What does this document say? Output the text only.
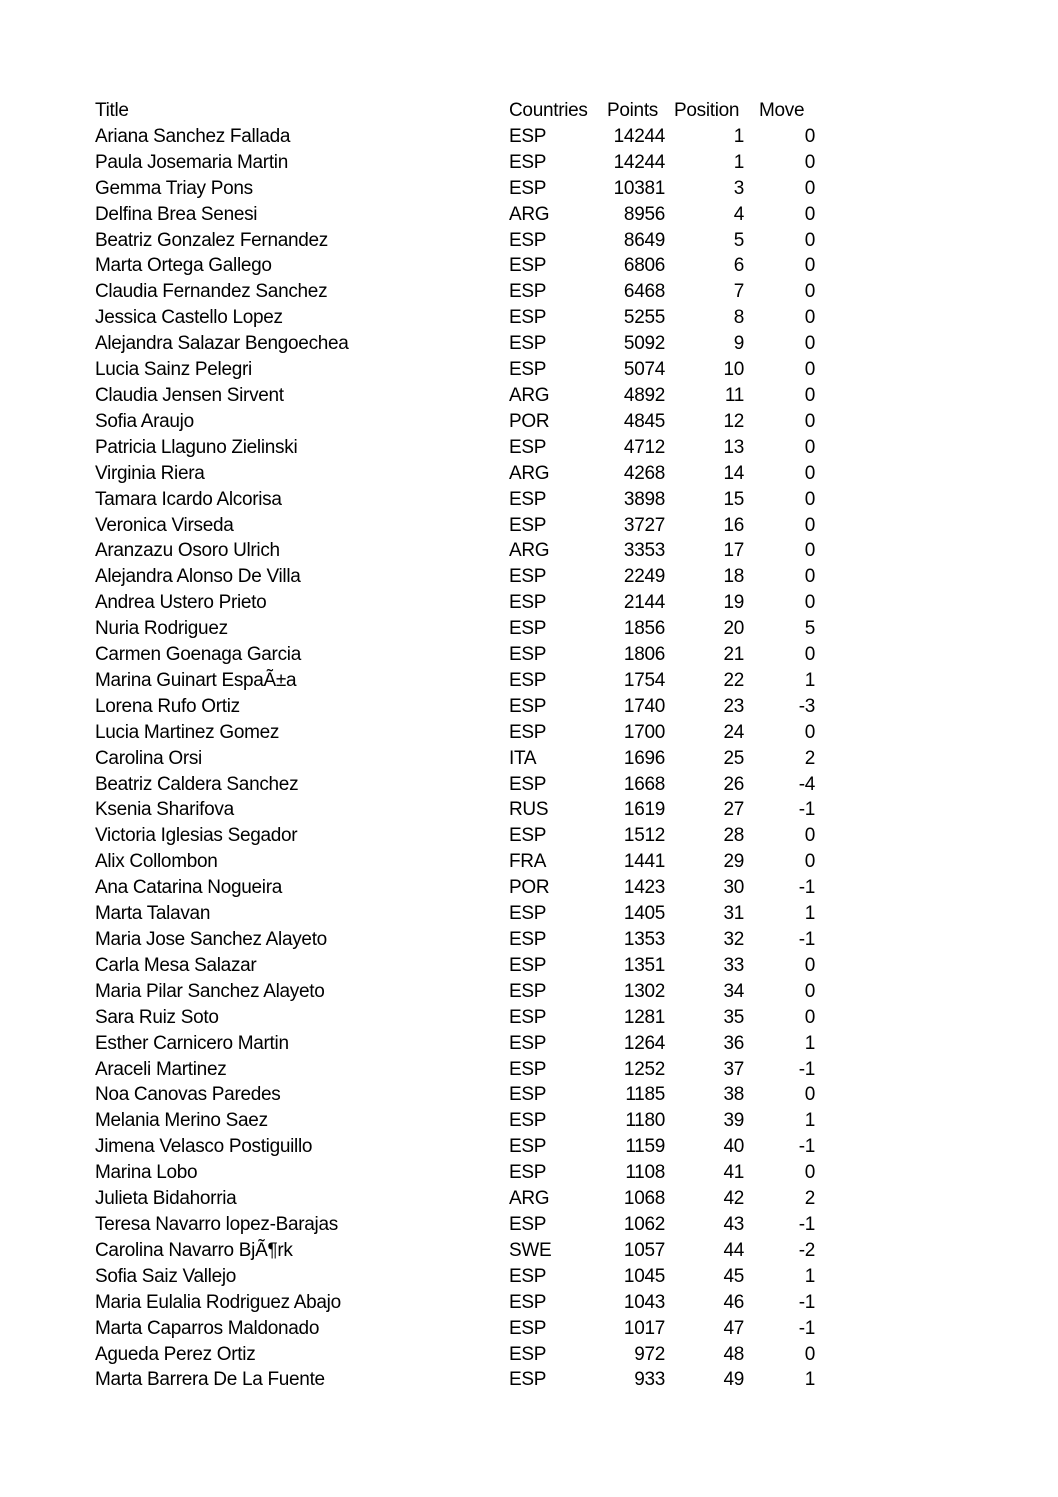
Title	Countries	Points	Position	Move
Ariana Sanchez Fallada	ESP	14244	1	0
Paula Josemaria Martin	ESP	14244	1	0
Gemma Triay Pons	ESP	10381	3	0
Delfina Brea Senesi	ARG	8956	4	0
Beatriz Gonzalez Fernandez	ESP	8649	5	0
Marta Ortega Gallego	ESP	6806	6	0
Claudia Fernandez Sanchez	ESP	6468	7	0
Jessica Castello Lopez	ESP	5255	8	0
Alejandra Salazar Bengoechea	ESP	5092	9	0
Lucia Sainz Pelegri	ESP	5074	10	0
Claudia Jensen Sirvent	ARG	4892	11	0
Sofia Araujo	POR	4845	12	0
Patricia Llaguno Zielinski	ESP	4712	13	0
Virginia Riera	ARG	4268	14	0
Tamara Icardo Alcorisa	ESP	3898	15	0
Veronica Virseda	ESP	3727	16	0
Aranzazu Osoro Ulrich	ARG	3353	17	0
Alejandra Alonso De Villa	ESP	2249	18	0
Andrea Ustero Prieto	ESP	2144	19	0
Nuria Rodriguez	ESP	1856	20	5
Carmen Goenaga Garcia	ESP	1806	21	0
Marina Guinart EspaÃ±a	ESP	1754	22	1
Lorena Rufo Ortiz	ESP	1740	23	-3
Lucia Martinez Gomez	ESP	1700	24	0
Carolina Orsi	ITA	1696	25	2
Beatriz Caldera Sanchez	ESP	1668	26	-4
Ksenia Sharifova	RUS	1619	27	-1
Victoria Iglesias Segador	ESP	1512	28	0
Alix Collombon	FRA	1441	29	0
Ana Catarina Nogueira	POR	1423	30	-1
Marta Talavan	ESP	1405	31	1
Maria Jose Sanchez Alayeto	ESP	1353	32	-1
Carla Mesa Salazar	ESP	1351	33	0
Maria Pilar Sanchez Alayeto	ESP	1302	34	0
Sara Ruiz Soto	ESP	1281	35	0
Esther Carnicero Martin	ESP	1264	36	1
Araceli Martinez	ESP	1252	37	-1
Noa Canovas Paredes	ESP	1185	38	0
Melania Merino Saez	ESP	1180	39	1
Jimena Velasco Postiguillo	ESP	1159	40	-1
Marina Lobo	ESP	1108	41	0
Julieta Bidahorria	ARG	1068	42	2
Teresa Navarro lopez-Barajas	ESP	1062	43	-1
Carolina Navarro BjÃ¶rk	SWE	1057	44	-2
Sofia Saiz Vallejo	ESP	1045	45	1
Maria Eulalia Rodriguez Abajo	ESP	1043	46	-1
Marta Caparros Maldonado	ESP	1017	47	-1
Agueda Perez Ortiz	ESP	972	48	0
Marta Barrera De La Fuente	ESP	933	49	1
